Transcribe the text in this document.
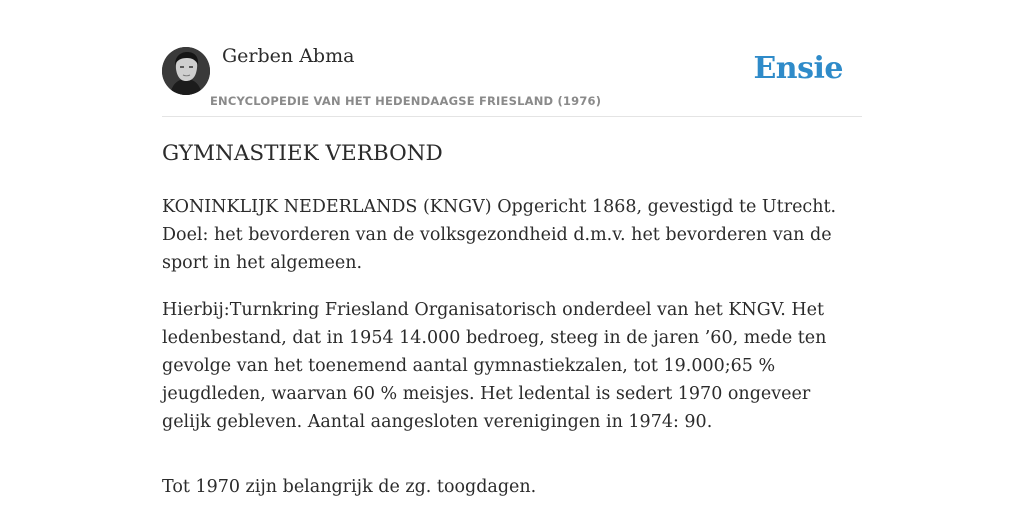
Gerben Abma
ENCYCLOPEDIE VAN HET HEDENDAAGSE FRIESLAND (1976)
Ensie
GYMNASTIEK VERBOND

KONINKLIJK NEDERLANDS (KNGV) Opgericht 1868, gevestigd te Utrecht. Doel: het bevorderen van de volksgezondheid d.m.v. het bevorderen van de sport in het algemeen.

Hierbij:Turnkring Friesland Organisatorisch onderdeel van het KNGV. Het ledenbestand, dat in 1954 14.000 bedroeg, steeg in de jaren ’60, mede ten gevolge van het toenemend aantal gymnastiekzalen, tot 19.000;65 % jeugdleden, waarvan 60 % meisjes. Het ledental is sedert 1970 ongeveer gelijk gebleven. Aantal aangesloten verenigingen in 1974: 90.

Tot 1970 zijn belangrijk de zg. toogdagen.
